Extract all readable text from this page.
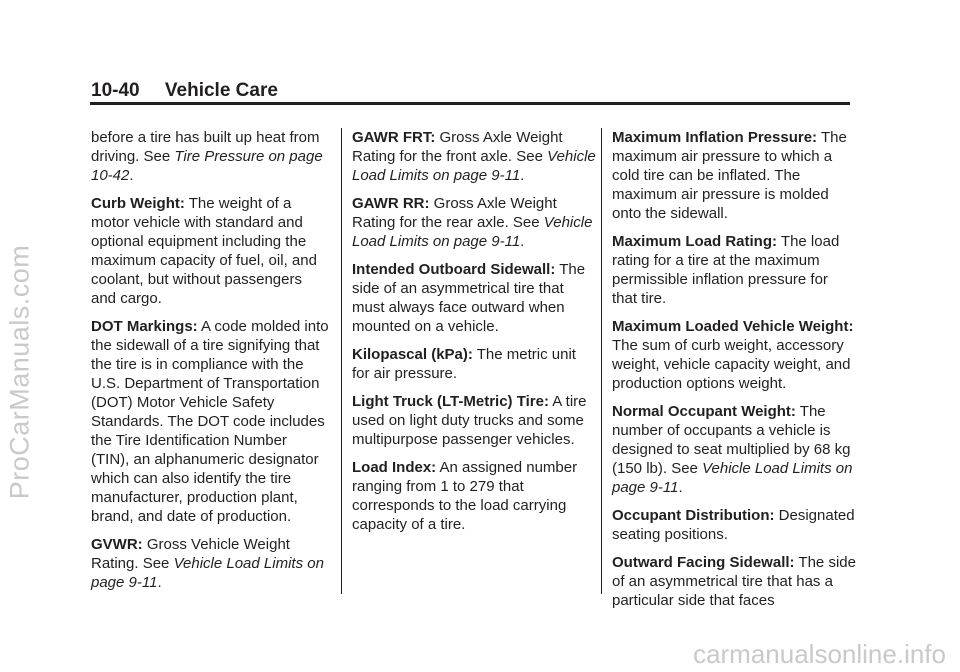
10-40 Vehicle Care

before a tire has built up heat from driving. See Tire Pressure on page 10-42.

Curb Weight: The weight of a motor vehicle with standard and optional equipment including the maximum capacity of fuel, oil, and coolant, but without passengers and cargo.

DOT Markings: A code molded into the sidewall of a tire signifying that the tire is in compliance with the U.S. Department of Transportation (DOT) Motor Vehicle Safety Standards. The DOT code includes the Tire Identification Number (TIN), an alphanumeric designator which can also identify the tire manufacturer, production plant, brand, and date of production.

GVWR: Gross Vehicle Weight Rating. See Vehicle Load Limits on page 9-11.

GAWR FRT: Gross Axle Weight Rating for the front axle. See Vehicle Load Limits on page 9-11.

GAWR RR: Gross Axle Weight Rating for the rear axle. See Vehicle Load Limits on page 9-11.

Intended Outboard Sidewall: The side of an asymmetrical tire that must always face outward when mounted on a vehicle.

Kilopascal (kPa): The metric unit for air pressure.

Light Truck (LT-Metric) Tire: A tire used on light duty trucks and some multipurpose passenger vehicles.

Load Index: An assigned number ranging from 1 to 279 that corresponds to the load carrying capacity of a tire.

Maximum Inflation Pressure: The maximum air pressure to which a cold tire can be inflated. The maximum air pressure is molded onto the sidewall.

Maximum Load Rating: The load rating for a tire at the maximum permissible inflation pressure for that tire.

Maximum Loaded Vehicle Weight: The sum of curb weight, accessory weight, vehicle capacity weight, and production options weight.

Normal Occupant Weight: The number of occupants a vehicle is designed to seat multiplied by 68 kg (150 lb). See Vehicle Load Limits on page 9-11.

Occupant Distribution: Designated seating positions.

Outward Facing Sidewall: The side of an asymmetrical tire that has a particular side that faces

ProCarManuals.com
carmanualsonline.info
